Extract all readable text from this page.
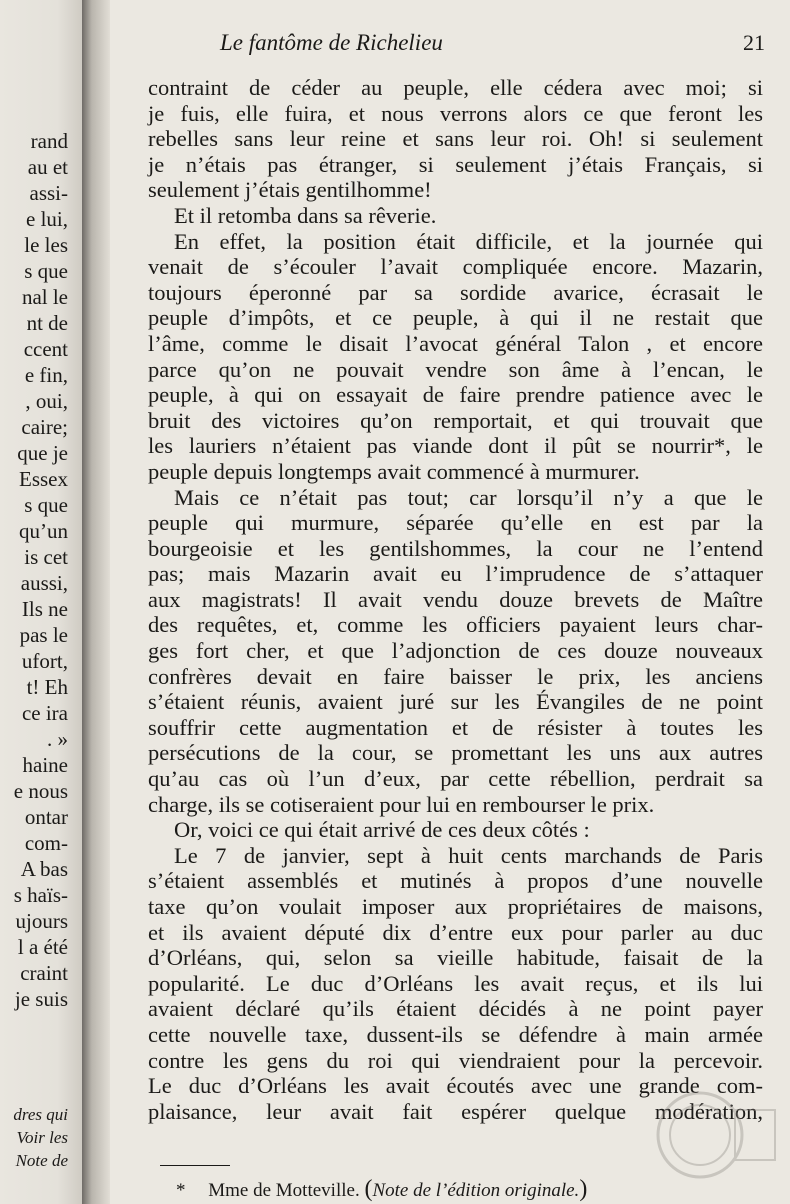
rand
au et
assi-
e lui,
le les
s que
nal le
nt de
ccent
e fin,
, oui,
caire;
que je
Essex
s que
qu’un
is cet
aussi,
Ils ne
pas le
ufort,
t! Eh
ce ira
. »
haine
e nous
ontar
com-
A bas
s haïs-
ujours
l a été
craint
je suis
dres qui
Voir les
Note de
Le fantôme de Richelieu	21
contraint de céder au peuple, elle cédera avec moi; si
je fuis, elle fuira, et nous verrons alors ce que feront les
rebelles sans leur reine et sans leur roi. Oh! si seulement
je n’étais pas étranger, si seulement j’étais Français, si
seulement j’étais gentilhomme!
Et il retomba dans sa rêverie.
En effet, la position était difficile, et la journée qui
venait de s’écouler l’avait compliquée encore. Mazarin,
toujours éperonné par sa sordide avarice, écrasait le
peuple d’impôts, et ce peuple, à qui il ne restait que
l’âme, comme le disait l’avocat général Talon , et encore
parce qu’on ne pouvait vendre son âme à l’encan, le
peuple, à qui on essayait de faire prendre patience avec le
bruit des victoires qu’on remportait, et qui trouvait que
les lauriers n’étaient pas viande dont il pût se nourrir*, le
peuple depuis longtemps avait commencé à murmurer.
Mais ce n’était pas tout; car lorsqu’il n’y a que le
peuple qui murmure, séparée qu’elle en est par la
bourgeoisie et les gentilshommes, la cour ne l’entend
pas; mais Mazarin avait eu l’imprudence de s’attaquer
aux magistrats! Il avait vendu douze brevets de Maître
des requêtes, et, comme les officiers payaient leurs char-
ges fort cher, et que l’adjonction de ces douze nouveaux
confrères devait en faire baisser le prix, les anciens
s’étaient réunis, avaient juré sur les Évangiles de ne point
souffrir cette augmentation et de résister à toutes les
persécutions de la cour, se promettant les uns aux autres
qu’au cas où l’un d’eux, par cette rébellion, perdrait sa
charge, ils se cotiseraient pour lui en rembourser le prix.
Or, voici ce qui était arrivé de ces deux côtés :
Le 7 de janvier, sept à huit cents marchands de Paris
s’étaient assemblés et mutinés à propos d’une nouvelle
taxe qu’on voulait imposer aux propriétaires de maisons,
et ils avaient député dix d’entre eux pour parler au duc
d’Orléans, qui, selon sa vieille habitude, faisait de la
popularité. Le duc d’Orléans les avait reçus, et ils lui
avaient déclaré qu’ils étaient décidés à ne point payer
cette nouvelle taxe, dussent-ils se défendre à main armée
contre les gens du roi qui viendraient pour la percevoir.
Le duc d’Orléans les avait écoutés avec une grande com-
plaisance, leur avait fait espérer quelque modération,
* Mme de Motteville. (Note de l’édition originale.)
